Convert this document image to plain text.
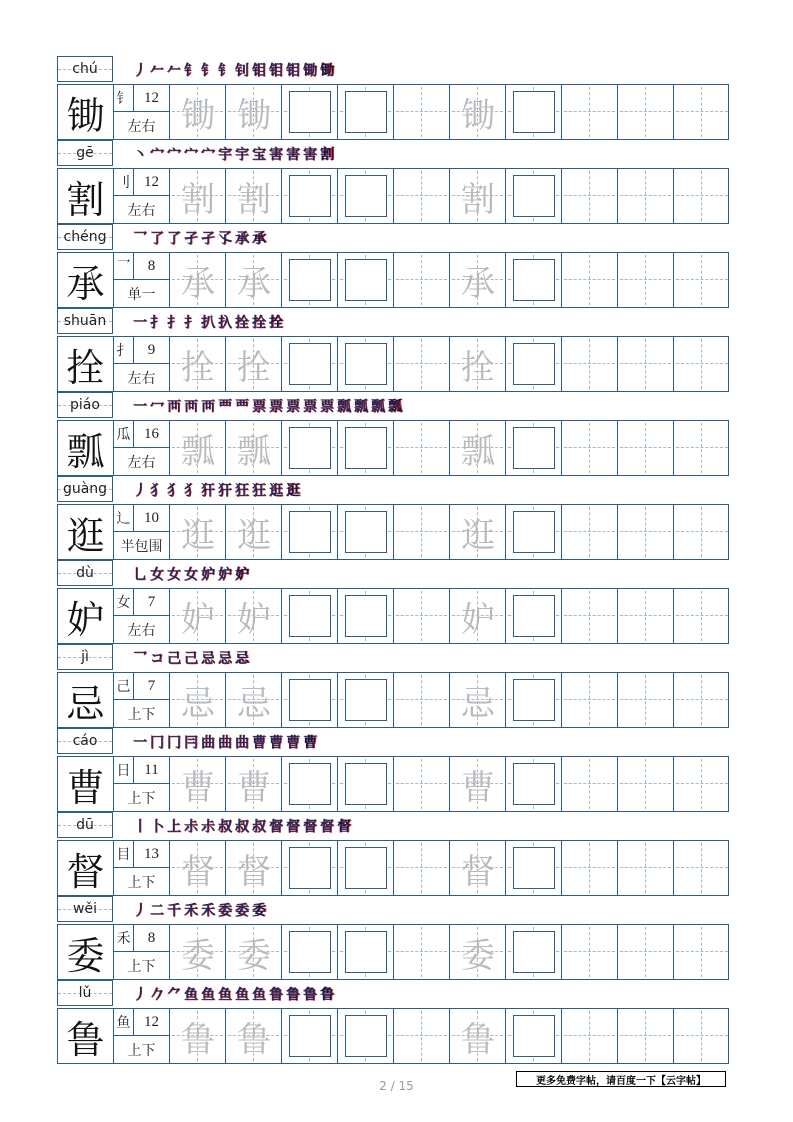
chú	丿 𠂉 𠂉 钅 钅 钅 钊 钼 钼 钼 锄 锄
锄 钅 12
左右 锄 锄	锄
gē	丶 宀 宀 宀 宀 宇 宇 宝 害 害 害 割
割 刂 12
左右 割 割	割
chéng 乛 了 了 孑 孑 孓 承 承
承 乛	8
单一 承 承	承
shuān 一 扌 扌 扌 扒 扖 拴 拴 拴
拴 扌	9
左右 拴 拴	拴
piáo 一 冖 襾 襾 襾 覀 覀 票 票 票 票 票 瓢 瓢 瓢 瓢
瓢 瓜 16
左右 瓢 瓢	瓢
guàng 丿 犭 犭 犭 犴 犴 狂 狂 逛 逛
逛 辶 10
半包围 逛 逛	逛
dù	乚 女 女 女 妒 妒 妒
妒 女	7
左右 妒 妒	妒
jì	乛 コ 己 己 忌 忌 忌
忌 己	7
上下 忌 忌	忌
cáo	一 冂 冂 冃 曲 曲 曲 曹 曹 曹 曹
曹 日 11
上下 曹 曹	曹
dū	丨 卜 上 尗 尗 叔 叔 叔 督 督 督 督 督
督 目 13
上下 督 督	督
wěi	丿 二 千 禾 禾 委 委 委
委 禾	8
上下 委 委	委
lǔ	丿 𠂊 ⺈ 鱼 鱼 鱼 鱼 鱼 鲁 鲁 鲁 鲁
鲁 鱼 12
上下 鲁 鲁	鲁
更多免费字帖，请百度一下【云字帖】
2 / 15
